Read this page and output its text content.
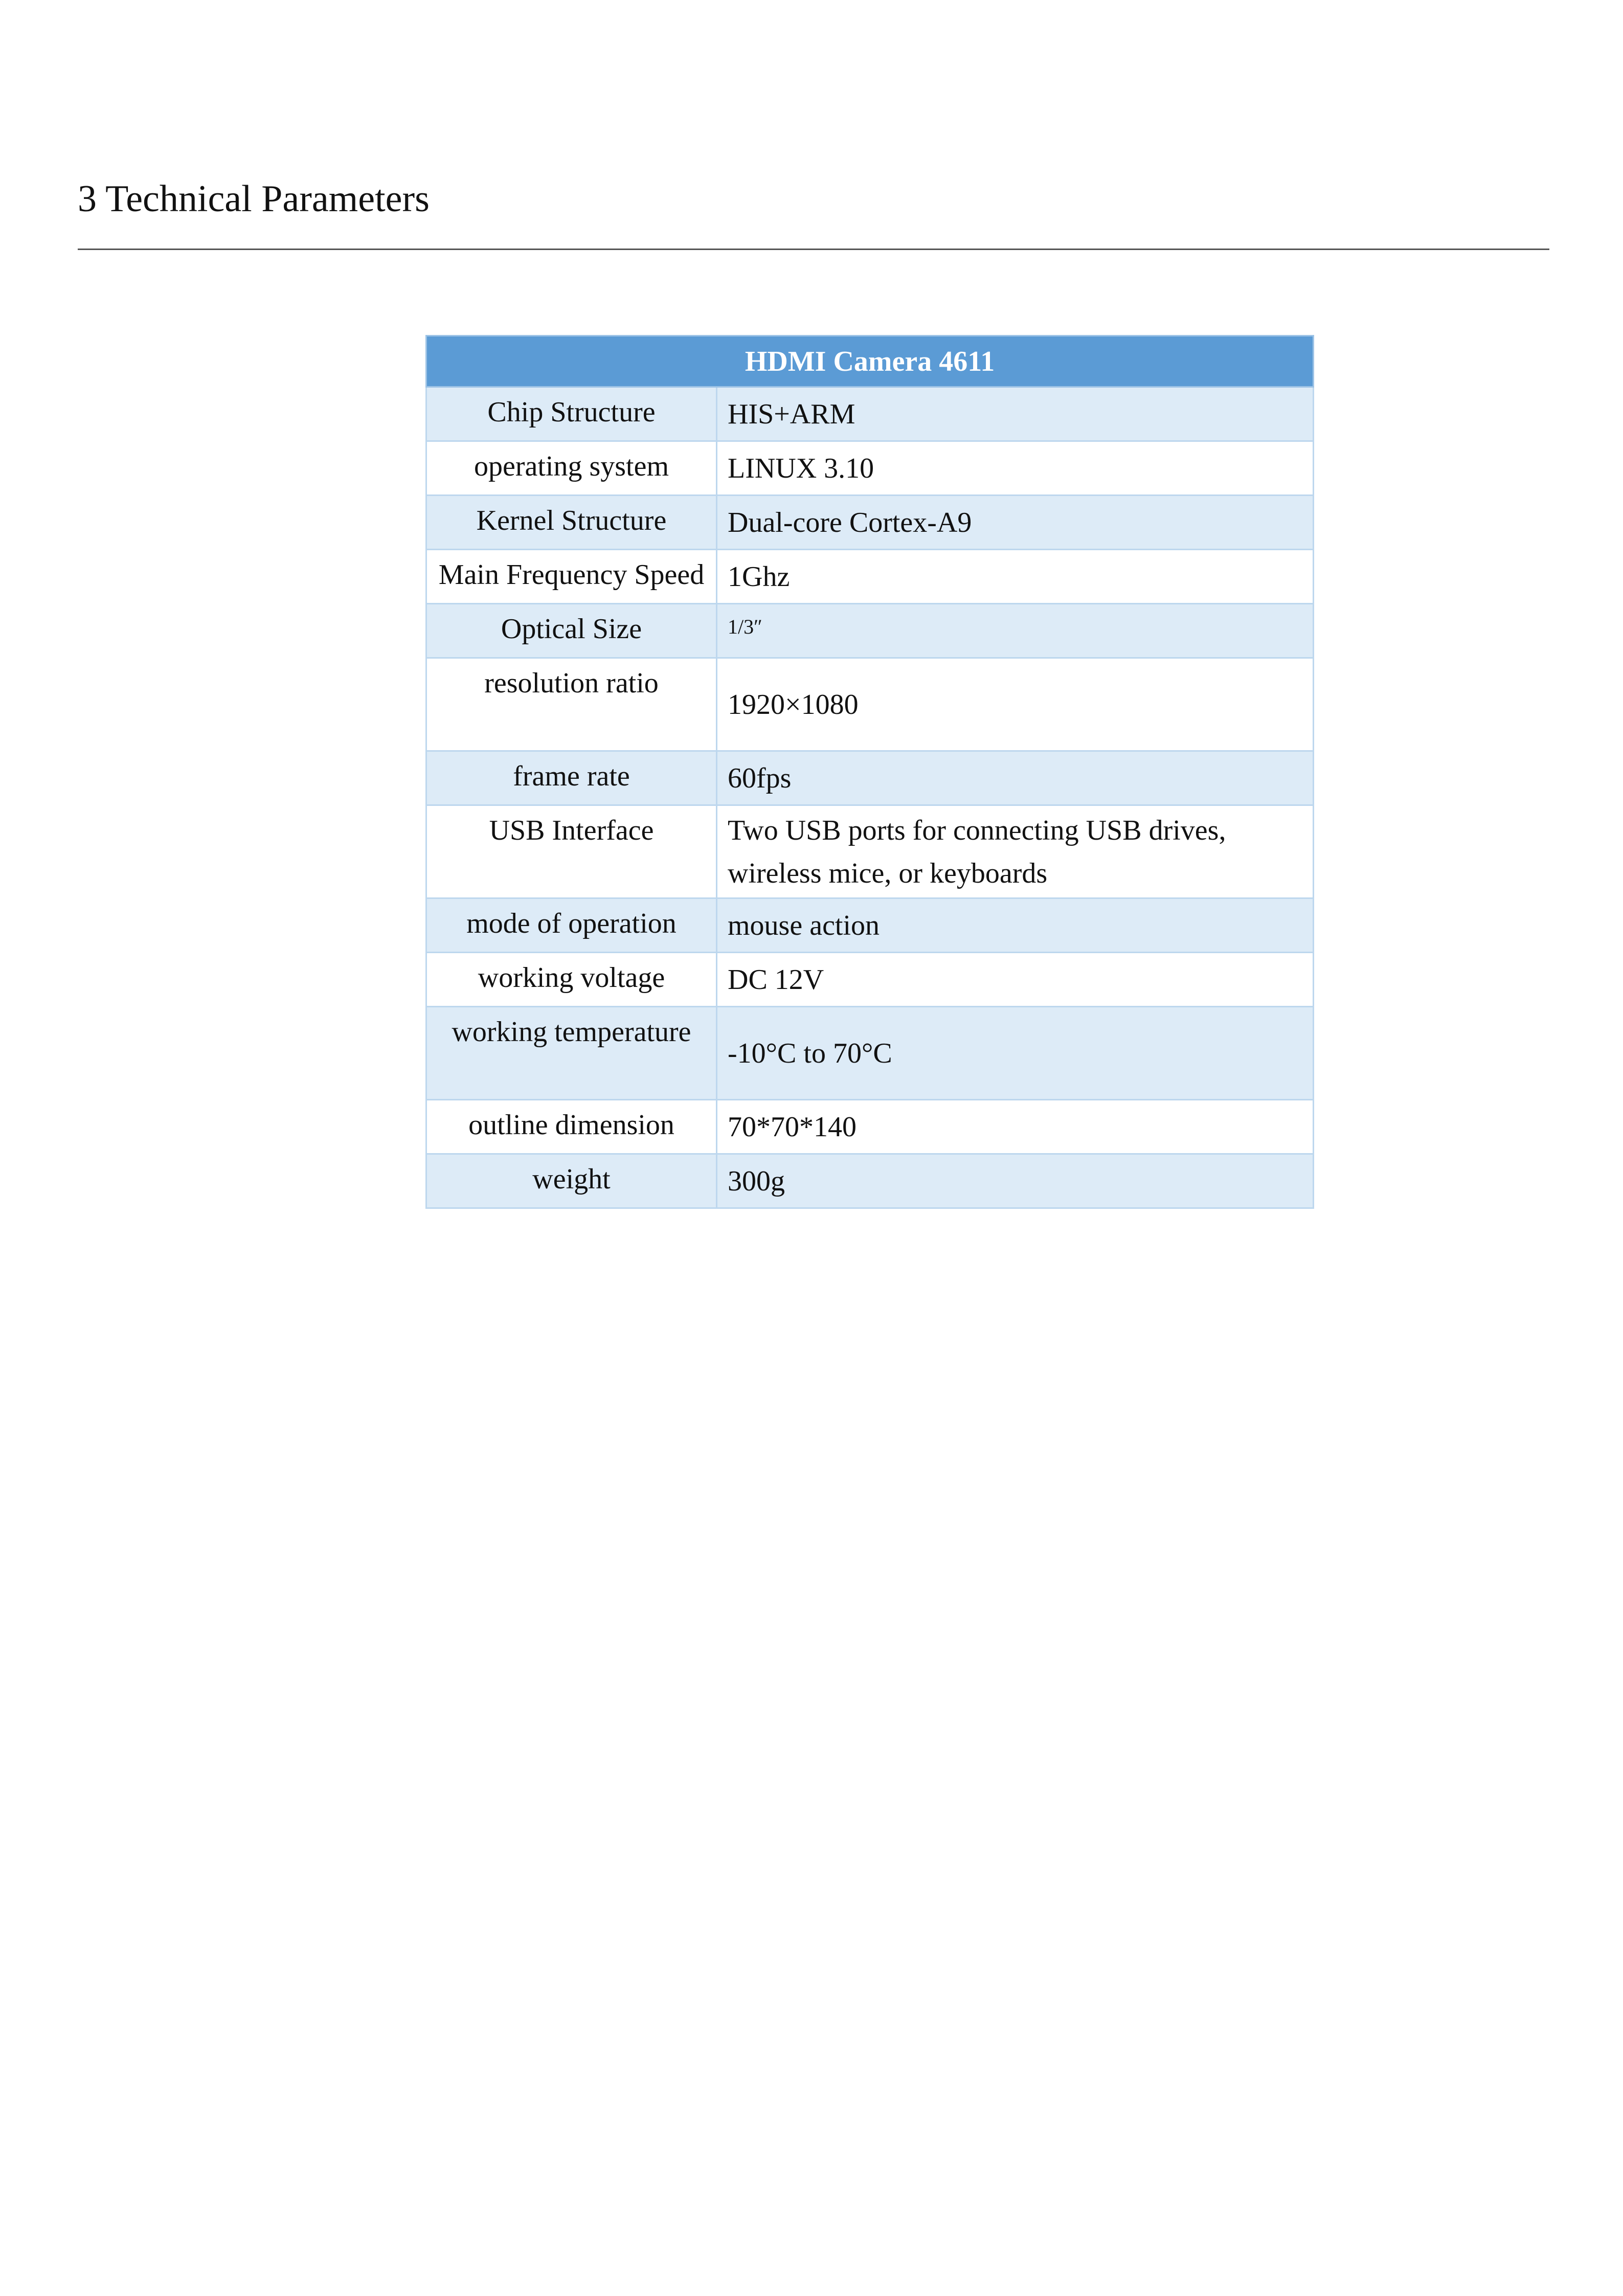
3 Technical Parameters
HDMI Camera 4611	
Chip Structure	HIS+ARM
operating system	LINUX 3.10
Kernel Structure	Dual-core Cortex-A9
Main Frequency Speed	1Ghz
Optical Size	1/3″
resolution ratio	1920×1080
frame rate	60fps
USB Interface	Two USB ports for connecting USB drives, wireless mice, or keyboards
mode of operation	mouse action
working voltage	DC 12V
working temperature	-10°C to 70°C
outline dimension	70*70*140
weight	300g
